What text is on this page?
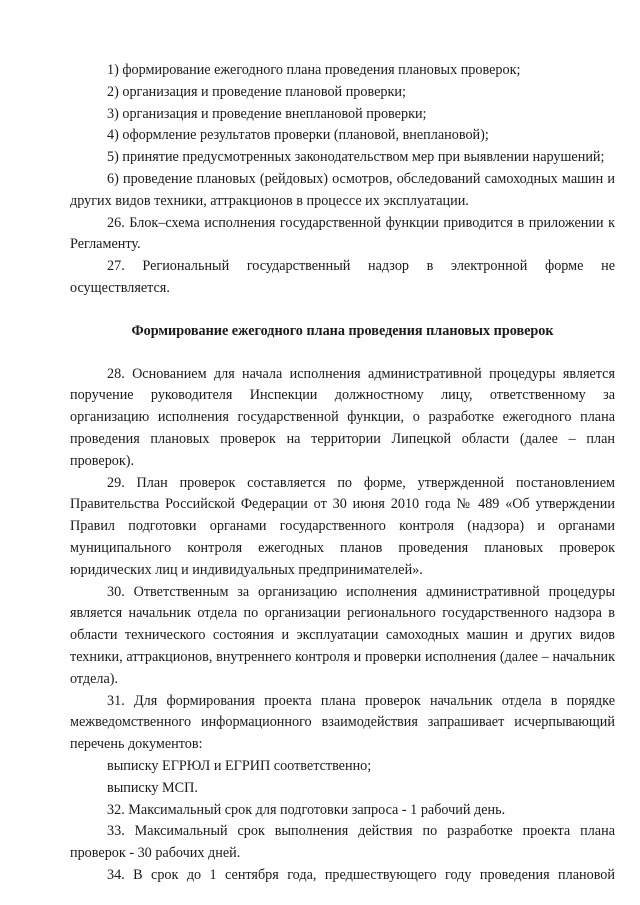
1) формирование ежегодного плана проведения плановых проверок;

2) организация и проведение плановой проверки;

3) организация и проведение внеплановой проверки;

4) оформление результатов проверки (плановой, внеплановой);

5) принятие предусмотренных законодательством мер при выявлении нарушений;

6) проведение плановых (рейдовых) осмотров, обследований самоходных машин и других видов техники, аттракционов в процессе их эксплуатации.

26. Блок–схема исполнения государственной функции приводится в приложении к Регламенту.

27. Региональный государственный надзор в электронной форме не осуществляется.

Формирование ежегодного плана проведения плановых проверок

28. Основанием для начала исполнения административной процедуры является поручение руководителя Инспекции должностному лицу, ответственному за организацию исполнения государственной функции, о разработке ежегодного плана проведения плановых проверок на территории Липецкой области (далее – план проверок).

29. План проверок составляется по форме, утвержденной постановлением Правительства Российской Федерации от 30 июня 2010 года № 489 «Об утверждении Правил подготовки органами государственного контроля (надзора) и органами муниципального контроля ежегодных планов проведения плановых проверок юридических лиц и индивидуальных предпринимателей».

30. Ответственным за организацию исполнения административной процедуры является начальник отдела по организации регионального государственного надзора в области технического состояния и эксплуатации самоходных машин и других видов техники, аттракционов, внутреннего контроля и проверки исполнения (далее – начальник отдела).

31. Для формирования проекта плана проверок начальник отдела в порядке межведомственного информационного взаимодействия запрашивает исчерпывающий перечень документов:

выписку ЕГРЮЛ и ЕГРИП соответственно;

выписку МСП.

32. Максимальный срок для подготовки запроса - 1 рабочий день.

33. Максимальный срок выполнения действия по разработке проекта плана проверок - 30 рабочих дней.

34. В срок до 1 сентября года, предшествующего году проведения плановой
